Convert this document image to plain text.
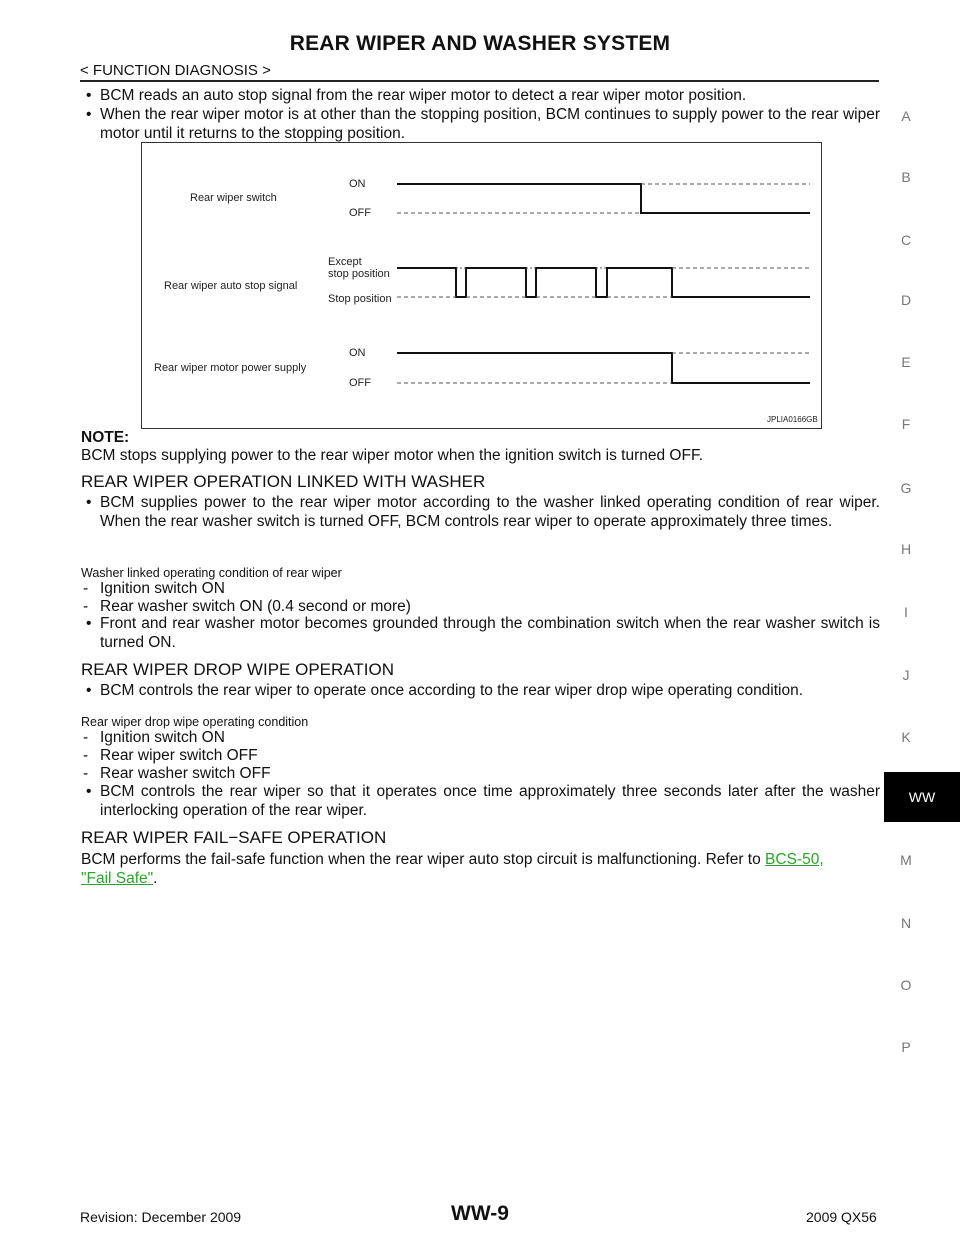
REAR WIPER AND WASHER SYSTEM
< FUNCTION DIAGNOSIS >
• BCM reads an auto stop signal from the rear wiper motor to detect a rear wiper motor position.
• When the rear wiper motor is at other than the stopping position, BCM continues to supply power to the rear wiper motor until it returns to the stopping position.
Rear wiper switch
Rear wiper auto stop signal
Rear wiper motor power supply
ON
OFF
Except
stop position
Stop position
ON
OFF
JPLIA0166GB
NOTE:
BCM stops supplying power to the rear wiper motor when the ignition switch is turned OFF.
REAR WIPER OPERATION LINKED WITH WASHER
• BCM supplies power to the rear wiper motor according to the washer linked operating condition of rear wiper. When the rear washer switch is turned OFF, BCM controls rear wiper to operate approximately three times.
Washer linked operating condition of rear wiper
- Ignition switch ON
- Rear washer switch ON (0.4 second or more)
• Front and rear washer motor becomes grounded through the combination switch when the rear washer switch is turned ON.
REAR WIPER DROP WIPE OPERATION
• BCM controls the rear wiper to operate once according to the rear wiper drop wipe operating condition.
Rear wiper drop wipe operating condition
- Ignition switch ON
- Rear wiper switch OFF
- Rear washer switch OFF
• BCM controls the rear wiper so that it operates once time approximately three seconds later after the washer interlocking operation of the rear wiper.
REAR WIPER FAIL−SAFE OPERATION
BCM performs the fail-safe function when the rear wiper auto stop circuit is malfunctioning. Refer to BCS-50,
"Fail Safe".
A
B
C
D
E
F
G
H
I
J
K
WW
M
N
O
P
Revision: December 2009	WW-9	2009 QX56
